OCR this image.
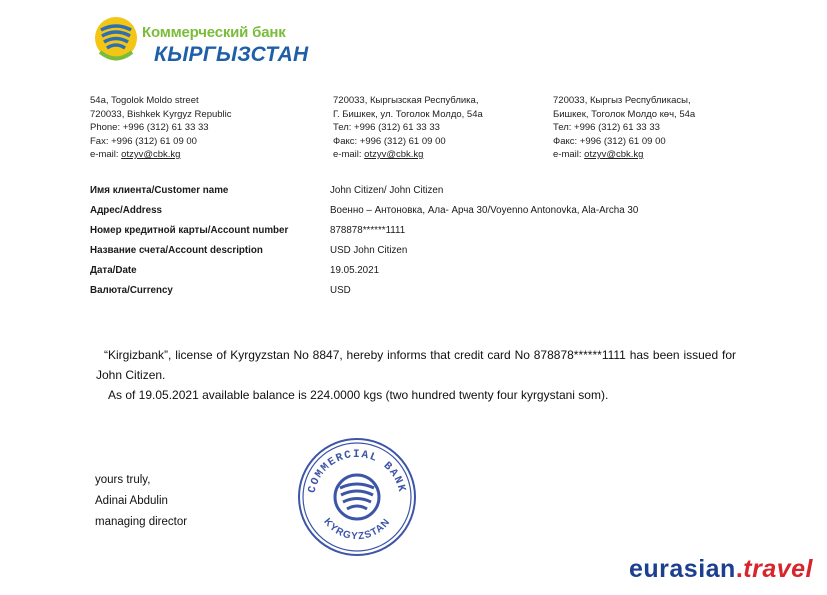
Коммерческий банк
КЫРГЫЗСТАН
54a, Togolok Moldo street
720033, Bishkek Kyrgyz Republic
Phone: +996 (312) 61 33 33
Fax: +996 (312) 61 09 00
e-mail: otzyv@cbk.kg
720033, Кыргызская Республика,
Г. Бишкек, ул. Тоголок Молдо, 54а
Тел: +996 (312) 61 33 33
Факс: +996 (312) 61 09 00
e-mail: otzyv@cbk.kg
720033, Кыргыз Республикасы,
Бишкек, Тоголок Молдо көч, 54а
Тел: +996 (312) 61 33 33
Факс: +996 (312) 61 09 00
e-mail: otzyv@cbk.kg
Имя клиента/Customer name	John Citizen/ John Citizen
Адрес/Address	Военно – Антоновка, Ала- Арча 30/Voyenno Antonovka, Ala-Archa 30
Номер кредитной карты/Account number	878878******1111
Название счета/Account description	USD John Citizen
Дата/Date	19.05.2021
Валюта/Currency	USD
“Kirgizbank”, license of Kyrgyzstan No 8847, hereby informs that credit card No 878878******1111 has been issued for John Citizen.
As of 19.05.2021 available balance is 224.0000 kgs (two hundred twenty four kyrgystani som).
yours truly,
Adinai Abdulin
managing director
COMMERCIAL BANK
KYRGYZSTAN
eurasian.travel
